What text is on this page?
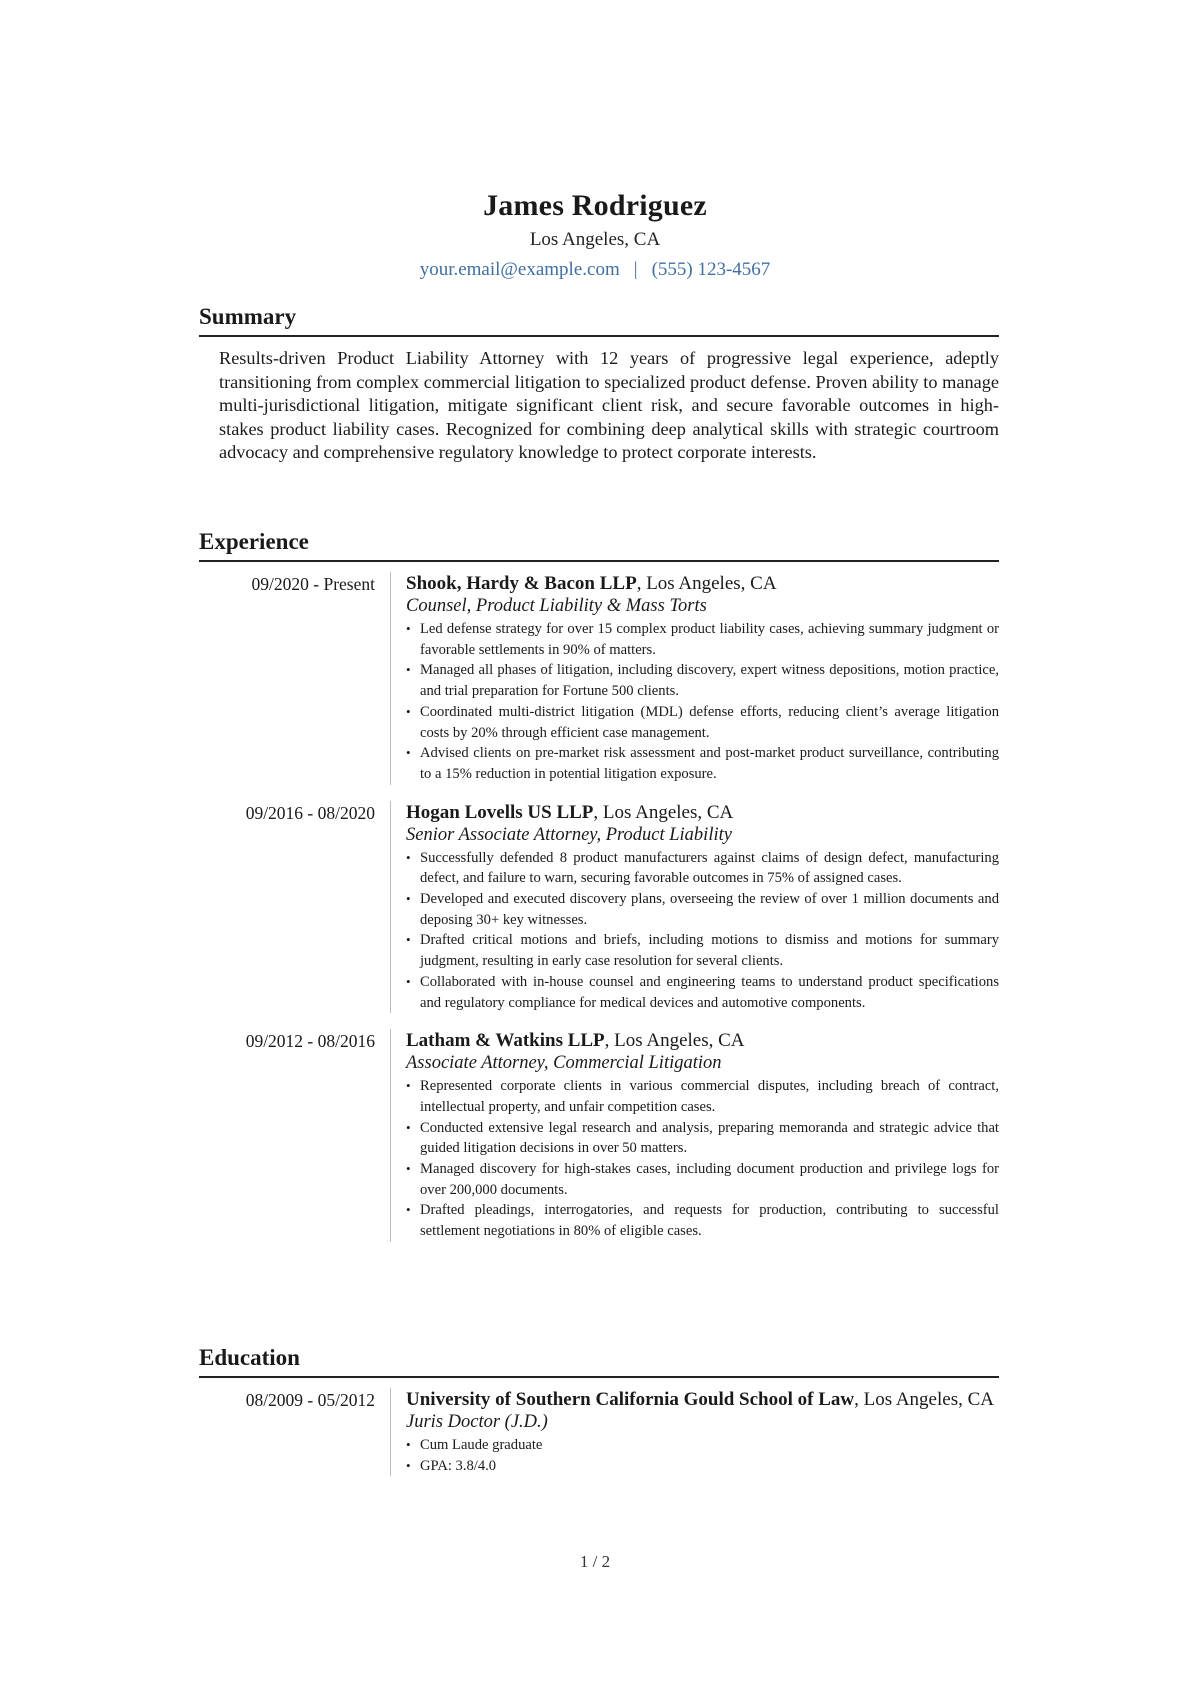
James Rodriguez
Los Angeles, CA
your.email@example.com | (555) 123-4567
Summary
Results-driven Product Liability Attorney with 12 years of progressive legal experience, adeptly transitioning from complex commercial litigation to specialized product defense. Proven ability to manage multi-jurisdictional litigation, mitigate significant client risk, and secure favorable outcomes in high-stakes product liability cases. Recognized for combining deep analytical skills with strategic courtroom advocacy and comprehensive regulatory knowledge to protect corporate interests.
Experience
09/2020 - Present Shook, Hardy & Bacon LLP, Los Angeles, CA
Counsel, Product Liability & Mass Torts
• Led defense strategy for over 15 complex product liability cases, achieving summary judgment or favorable settlements in 90% of matters.
• Managed all phases of litigation, including discovery, expert witness depositions, motion practice, and trial preparation for Fortune 500 clients.
• Coordinated multi-district litigation (MDL) defense efforts, reducing client’s average litigation costs by 20% through efficient case management.
• Advised clients on pre-market risk assessment and post-market product surveillance, contributing to a 15% reduction in potential litigation exposure.
09/2016 - 08/2020 Hogan Lovells US LLP, Los Angeles, CA
Senior Associate Attorney, Product Liability
• Successfully defended 8 product manufacturers against claims of design defect, manufacturing defect, and failure to warn, securing favorable outcomes in 75% of assigned cases.
• Developed and executed discovery plans, overseeing the review of over 1 million documents and deposing 30+ key witnesses.
• Drafted critical motions and briefs, including motions to dismiss and motions for summary judgment, resulting in early case resolution for several clients.
• Collaborated with in-house counsel and engineering teams to understand product specifications and regulatory compliance for medical devices and automotive components.
09/2012 - 08/2016 Latham & Watkins LLP, Los Angeles, CA
Associate Attorney, Commercial Litigation
• Represented corporate clients in various commercial disputes, including breach of contract, intellectual property, and unfair competition cases.
• Conducted extensive legal research and analysis, preparing memoranda and strategic advice that guided litigation decisions in over 50 matters.
• Managed discovery for high-stakes cases, including document production and privilege logs for over 200,000 documents.
• Drafted pleadings, interrogatories, and requests for production, contributing to successful settlement negotiations in 80% of eligible cases.
Education
08/2009 - 05/2012 University of Southern California Gould School of Law, Los Angeles, CA
Juris Doctor (J.D.)
• Cum Laude graduate
• GPA: 3.8/4.0
1 / 2
